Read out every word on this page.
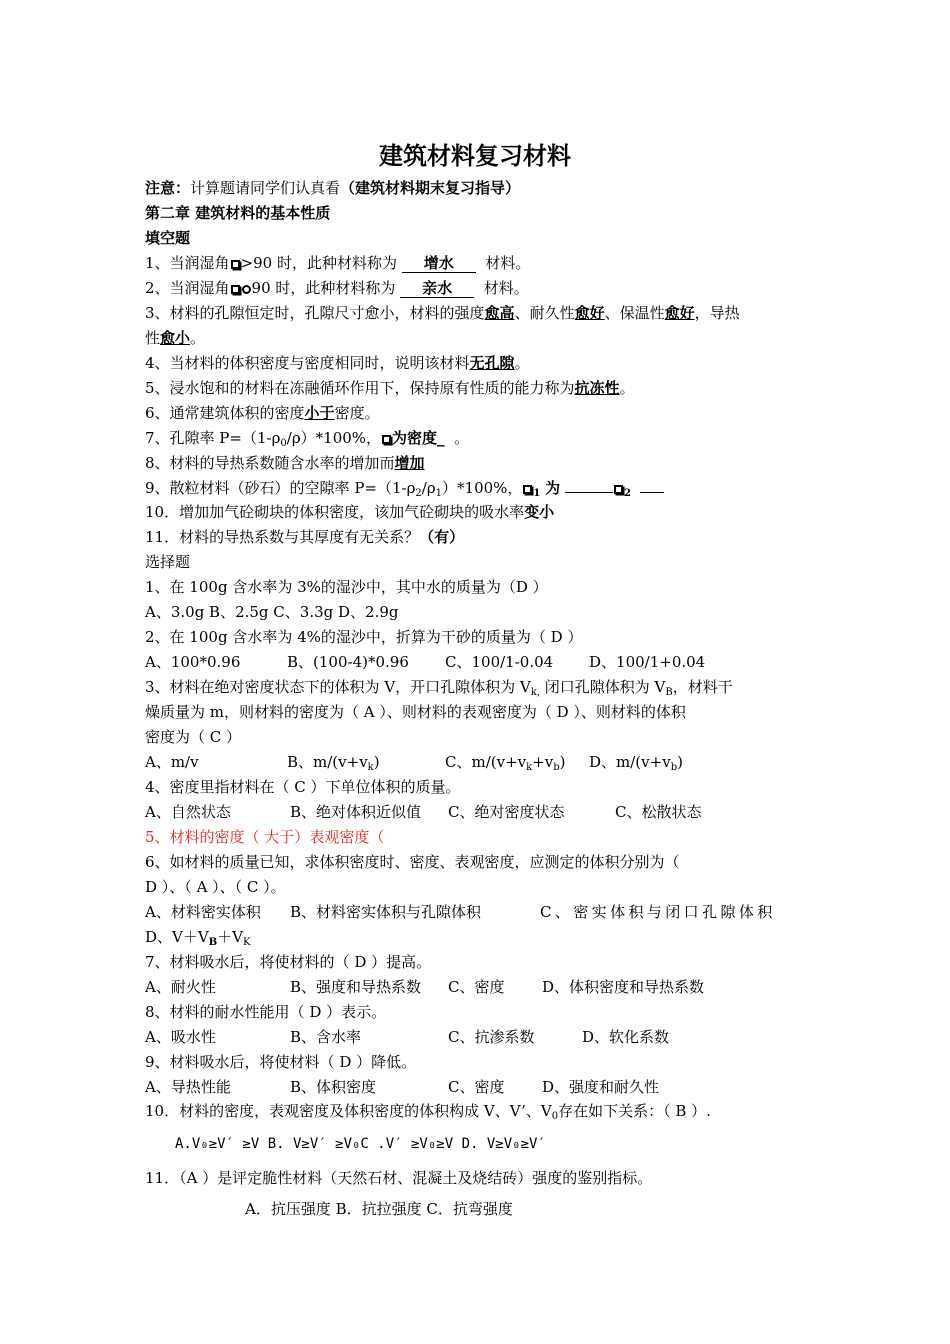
建筑材料复习材料
注意：计算题请同学们认真看（建筑材料期末复习指导）
第二章 建筑材料的基本性质
填空题
1、当润湿角 >90 时，此种材料称为 增水 材料。
2、当润湿角 90 时，此种材料称为 亲水 材料。
3、材料的孔隙恒定时，孔隙尺寸愈小，材料的强度愈高、耐久性愈好、保温性愈好，导热
性愈小。
4、当材料的体积密度与密度相同时，说明该材料无孔隙。
5、浸水饱和的材料在冻融循环作用下，保持原有性质的能力称为抗冻性。
6、通常建筑体积的密度小于密度。
7、孔隙率 $P=(1-\rho_0/\rho)*100\%$， 为密度_ 。
8、材料的导热系数随含水率的增加而增加
9、散粒材料（砂石）的空隙率 $P=(1-\rho_2/\rho_1)*100\%$， $_1$ 为	$_2$
10．增加加气砼砌块的体积密度，该加气砼砌块的吸水率变小
11．材料的导热系数与其厚度有无关系？（有）
选择题
1、在 100g 含水率为 3%的湿沙中，其中水的质量为（D ）
A、3.0g B、2.5g C、3.3g D、2.9g
2、在 100g 含水率为 4%的湿沙中，折算为干砂的质量为（ D ）
A、100*0.96	B、(100-4)*0.96 C、100/1-0.04 D、100/1+0.04
3、材料在绝对密度状态下的体积为 V，开口孔隙体积为 $V_{k,}$ 闭口孔隙体积为 $V_B$，材料干
燥质量为 m，则材料的密度为（ A ）、则材料的表观密度为（ D ）、则材料的体积
密度为（ C ）
A、m/v	B、$m/(v+v_k)$	C、$m/(v+v_k+v_b)$ D、$m/(v+v_b)$
4、密度里指材料在（ C ）下单位体积的质量。
A、自然状态	B、绝对体积近似值 C、绝对密度状态	C、松散状态
5、材料的密度（ 大于）表观密度（
6、如材料的质量已知，求体积密度时、密度、表观密度，应测定的体积分别为（
D ）、（ A ）、（ C ）。
A、材料密实体积 B、材料密实体积与孔隙体积	C、密实体积与闭口孔隙体积
D、$V+V_B+V_K$
7、材料吸水后，将使材料的（ D ）提高。
A、耐火性	B、强度和导热系数 C、密度	D、体积密度和导热系数
8、材料的耐水性能用（ D ）表示。
A、吸水性	B、含水率	C、抗渗系数	D、软化系数
9、材料吸水后，将使材料（ D ）降低。
A、导热性能	B、体积密度	C、密度	D、强度和耐久性
10．材料的密度，表观密度及体积密度的体积构成 V、V’、$V_0$存在如下关系：（ B ）.
A.V₀≥V′ ≥V B. V≥V′ ≥V₀C .V′ ≥V₀≥V D. V≥V₀≥V′
11．（A ）是评定脆性材料（天然石材、混凝土及烧结砖）强度的鉴别指标。
A．抗压强度 B．抗拉强度 C．抗弯强度
